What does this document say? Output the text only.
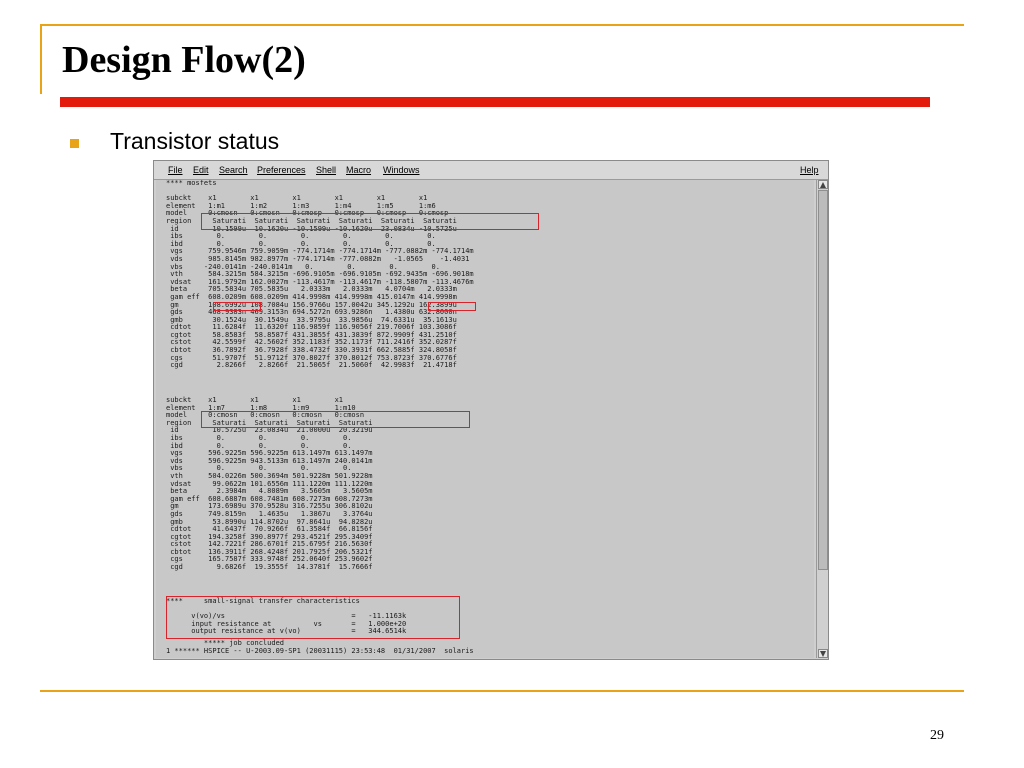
Design Flow(2)
Transistor status
File Edit Search Preferences Shell Macro Windows	Help
**** mosfets

subckt    x1        x1        x1        x1        x1        x1
element   1:m1      1:m2      1:m3      1:m4      1:m5      1:m6
model     0:cmosn   0:cmosn   0:cmosp   0:cmosp   0:cmosp   0:cmosp
region     Saturati  Saturati  Saturati  Saturati  Saturati  Saturati
id        10.1599u  10.1620u -10.1599u -10.1620u  23.0834u -10.5725u
ibs        0.        0.        0.        0.        0.        0.
ibd        0.        0.        0.        0.        0.        0.
vgs      759.9546m 759.9059m -774.1714m -774.1714m -777.0882m -774.1714m
vds      985.8145m 982.8977m -774.1714m -777.0882m   -1.0565    -1.4031
vbs     -240.0141m -240.0141m   0.        0.        0.        0.
vth      584.3215m 584.3215m -696.9105m -696.9105m -692.9435m -696.9018m
vdsat    161.9792m 162.0027m -113.4617m -113.4617m -118.5807m -113.4676m
beta     705.5834u 705.5835u   2.0333m   2.0333m   4.0704m   2.0333m
gam eff  608.0209m 608.0209m 414.9998m 414.9998m 415.0147m 414.9998m
gm       108.6992u 108.7084u 156.9766u 157.0042u 345.1292u 162.3899u
gds      468.9383n 469.3153n 694.5272n 693.9286n   1.4380u 632.8000n
gmb       30.1524u  30.1549u  33.9795u  33.9856u  74.6331u  35.1613u
cdtot     11.6284f  11.6320f 116.9859f 116.9056f 219.7006f 103.3086f
cgtot     58.8583f  58.8587f 431.3855f 431.3839f 872.9909f 431.2510f
cstot     42.5599f  42.5602f 352.1183f 352.1173f 711.2416f 352.0287f
cbtot     36.7892f  36.7928f 338.4732f 330.3931f 662.5885f 324.8058f
cgs       51.9707f  51.9712f 370.8027f 370.8012f 753.8723f 370.6776f
cgd        2.8266f   2.8266f  21.5065f  21.5060f  42.9983f  21.4718f
subckt    x1        x1        x1        x1
element   1:m7      1:m8      1:m9      1:m10
model     0:cmosn   0:cmosn   0:cmosn   0:cmosn
region     Saturati  Saturati  Saturati  Saturati
id        10.5725u  23.0834u  21.0000u  20.3219u
ibs        0.        0.        0.        0.
ibd        0.        0.        0.        0.
vgs      596.9225m 596.9225m 613.1497m 613.1497m
vds      596.9225m 943.5133m 613.1497m 240.0141m
vbs        0.        0.        0.        0.
vth      504.0226m 500.3694m 501.9228m 501.9228m
vdsat     99.0622m 101.6556m 111.1220m 111.1220m
beta       2.3984m   4.8089m   3.5605m   3.5605m
gam eff  608.6887m 608.7481m 608.7273m 608.7273m
gm       173.6989u 370.9528u 316.7255u 306.8102u
gds      749.8159n   1.4635u   1.3867u   3.3764u
gmb       53.8990u 114.8702u  97.8641u  94.8282u
cdtot     41.6437f  70.9266f  61.3584f  66.8156f
cgtot    194.3258f 390.8977f 293.4521f 295.3409f
cstot    142.7221f 286.6701f 215.6795f 216.5630f
cbtot    136.3911f 268.4248f 201.7925f 206.5321f
cgs      165.7587f 333.9748f 252.0640f 253.9602f
cgd        9.6826f  19.3555f  14.3781f  15.7666f
****     small-signal transfer characteristics

v(vo)/vs                              =   -11.1163k
input resistance at          vs       =   1.000e+20
output resistance at v(vo)            =   344.6514k
***** job concluded
1 ****** HSPICE -- U-2003.09-SP1 (20031115) 23:53:48  01/31/2007  solaris
29
